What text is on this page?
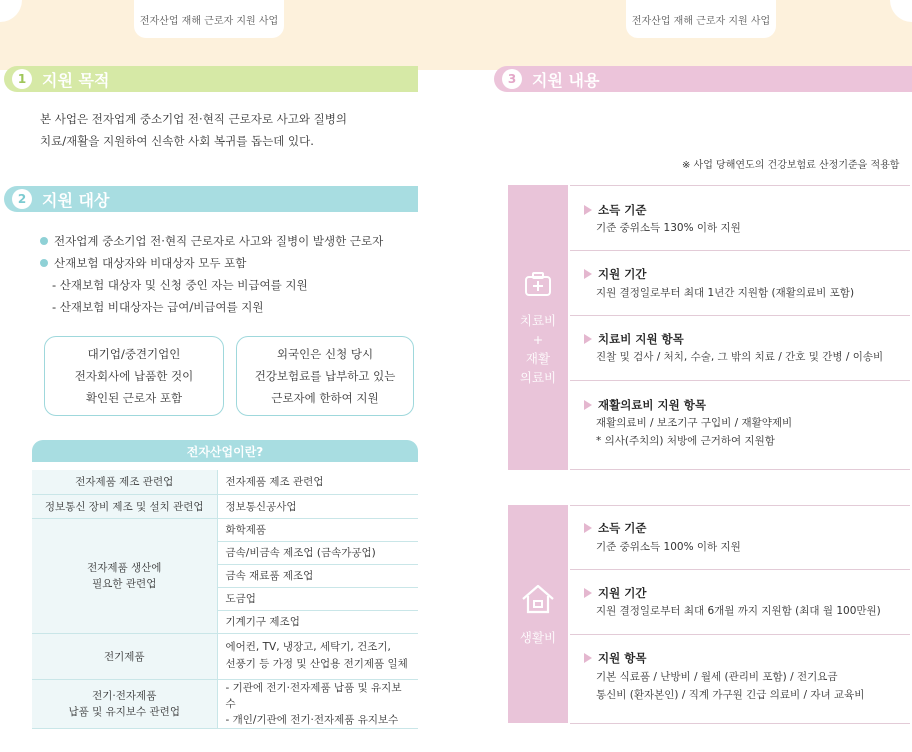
전자산업 재해 근로자 지원 사업	전자산업 재해 근로자 지원 사업
1 지원 목적
본 사업은 전자업계 중소기업 전·현직 근로자로 사고와 질병의
치료/재활을 지원하여 신속한 사회 복귀를 돕는데 있다.
2 지원 대상
전자업계 중소기업 전·현직 근로자로 사고와 질병이 발생한 근로자
산재보험 대상자와 비대상자 모두 포함
- 산재보험 대상자 및 신청 중인 자는 비급여를 지원
- 산재보험 비대상자는 급여/비급여를 지원
대기업/중견기업인
전자회사에 납품한 것이
확인된 근로자 포함
외국인은 신청 당시
건강보험료를 납부하고 있는
근로자에 한하여 지원
전자산업이란?
전자제품 제조 관련업	전자제품 제조 관련업
정보통신 장비 제조 및 설치 관련업	정보통신공사업
전자제품 생산에
필요한 관련업	화학제품
	금속/비금속 제조업 (금속가공업)
	금속 재료품 제조업
	도금업
	기계기구 제조업
전기제품	에어컨, TV, 냉장고, 세탁기, 건조기,
선풍기 등 가정 및 산업용 전기제품 일체
전기·전자제품
납품 및 유지보수 관련업	- 기관에 전기·전자제품 납품 및 유지보수
- 개인/기관에 전기·전자제품 유지보수
3 지원 내용
※ 사업 당해연도의 건강보험료 산정기준을 적용함
치료비
+
재활
의료비
소득 기준
기준 중위소득 130% 이하 지원
지원 기간
지원 결정일로부터 최대 1년간 지원함 (재활의료비 포함)
치료비 지원 항목
진찰 및 검사 / 처치, 수술, 그 밖의 치료 / 간호 및 간병 / 이송비
재활의료비 지원 항목
재활의료비 / 보조기구 구입비 / 재활약제비
* 의사(주치의) 처방에 근거하여 지원함
생활비
소득 기준
기준 중위소득 100% 이하 지원
지원 기간
지원 결정일로부터 최대 6개월 까지 지원함 (최대 월 100만원)
지원 항목
기본 식료품 / 난방비 / 월세 (관리비 포함) / 전기요금
통신비 (환자본인) / 직계 가구원 긴급 의료비 / 자녀 교육비
